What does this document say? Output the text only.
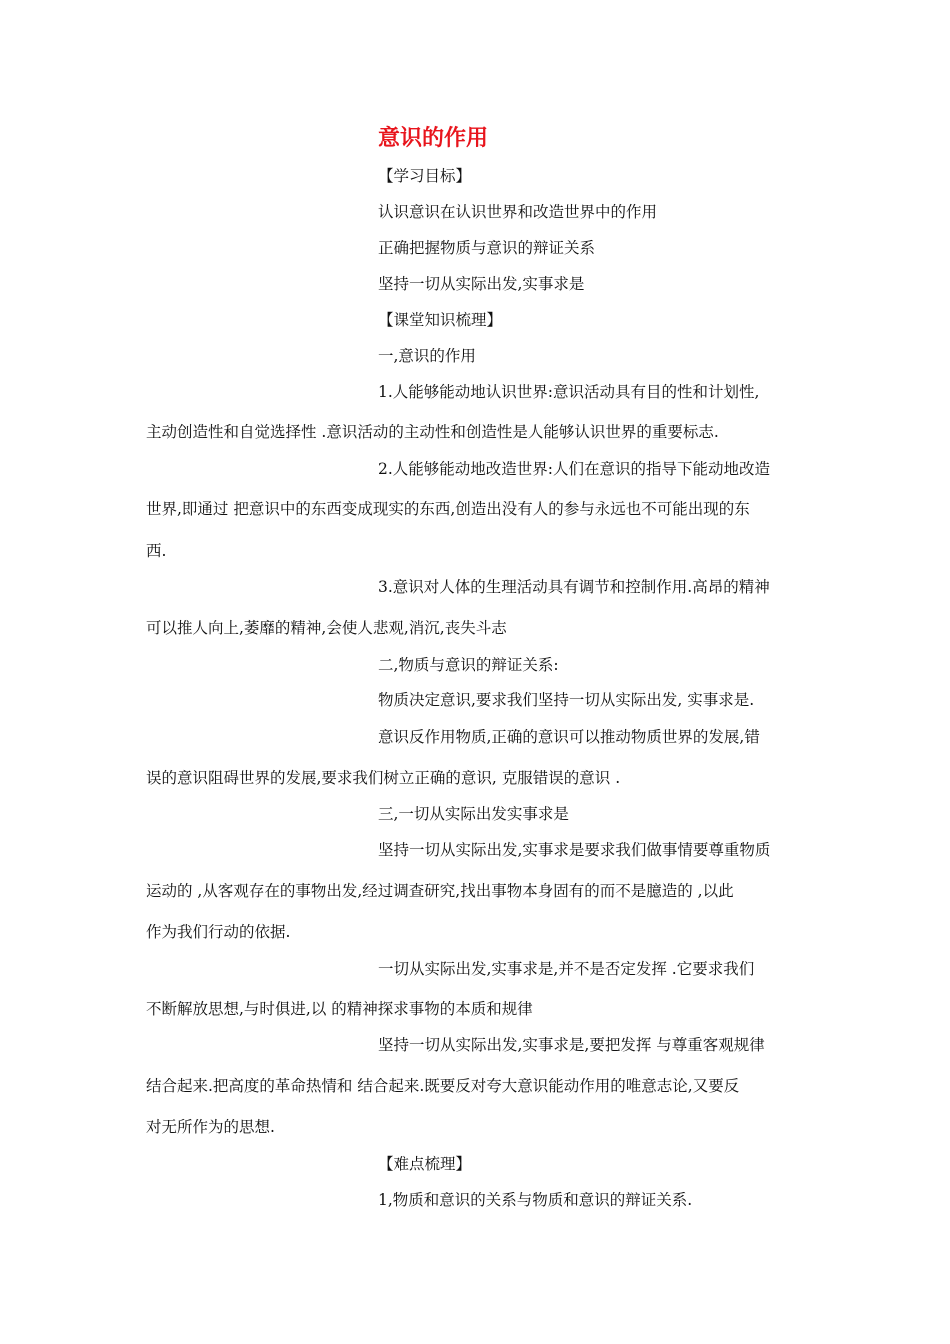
意识的作用
【学习目标】
认识意识在认识世界和改造世界中的作用
正确把握物质与意识的辩证关系
坚持一切从实际出发,实事求是
【课堂知识梳理】
一,意识的作用
1.人能够能动地认识世界:意识活动具有目的性和计划性,
主动创造性和自觉选择性 .意识活动的主动性和创造性是人能够认识世界的重要标志.
2.人能够能动地改造世界:人们在意识的指导下能动地改造
世界,即通过 把意识中的东西变成现实的东西,创造出没有人的参与永远也不可能出现的东
西.
3.意识对人体的生理活动具有调节和控制作用.高昂的精神
可以推人向上,萎靡的精神,会使人悲观,消沉,丧失斗志
二,物质与意识的辩证关系:
物质决定意识,要求我们坚持一切从实际出发, 实事求是.
意识反作用物质,正确的意识可以推动物质世界的发展,错
误的意识阻碍世界的发展,要求我们树立正确的意识, 克服错误的意识 .
三,一切从实际出发实事求是
坚持一切从实际出发,实事求是要求我们做事情要尊重物质
运动的 ,从客观存在的事物出发,经过调查研究,找出事物本身固有的而不是臆造的 ,以此
作为我们行动的依据.
一切从实际出发,实事求是,并不是否定发挥 .它要求我们
不断解放思想,与时俱进,以 的精神探求事物的本质和规律
坚持一切从实际出发,实事求是,要把发挥 与尊重客观规律
结合起来.把高度的革命热情和 结合起来.既要反对夸大意识能动作用的唯意志论,又要反
对无所作为的思想.
【难点梳理】
1,物质和意识的关系与物质和意识的辩证关系.
